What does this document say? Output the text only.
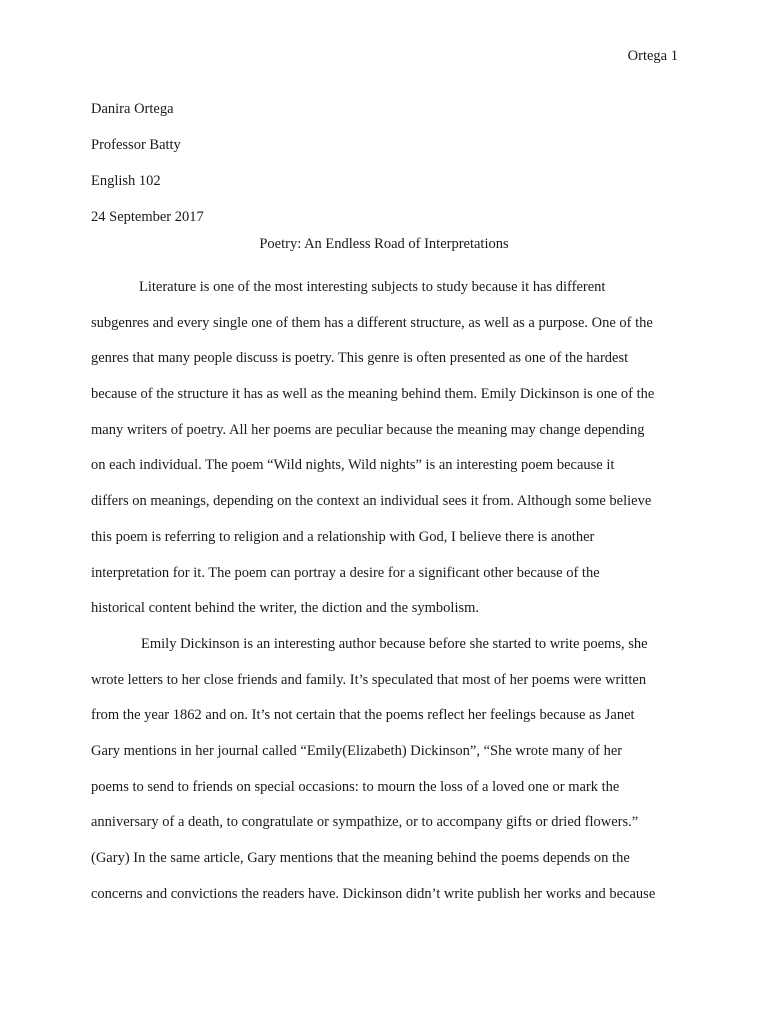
Ortega 1
Danira Ortega
Professor Batty
English 102
24 September 2017
Poetry: An Endless Road of Interpretations
Literature is one of the most interesting subjects to study because it has different
subgenres and every single one of them has a different structure, as well as a purpose. One of the
genres that many people discuss is poetry. This genre is often presented as one of the hardest
because of the structure it has as well as the meaning behind them. Emily Dickinson is one of the
many writers of poetry. All her poems are peculiar because the meaning may change depending
on each individual. The poem “Wild nights, Wild nights” is an interesting poem because it
differs on meanings, depending on the context an individual sees it from. Although some believe
this poem is referring to religion and a relationship with God, I believe there is another
interpretation for it. The poem can portray a desire for a significant other because of the
historical content behind the writer, the diction and the symbolism.
Emily Dickinson is an interesting author because before she started to write poems, she
wrote letters to her close friends and family. It’s speculated that most of her poems were written
from the year 1862 and on. It’s not certain that the poems reflect her feelings because as Janet
Gary mentions in her journal called “Emily(Elizabeth) Dickinson”, “She wrote many of her
poems to send to friends on special occasions: to mourn the loss of a loved one or mark the
anniversary of a death, to congratulate or sympathize, or to accompany gifts or dried flowers.”
(Gary) In the same article, Gary mentions that the meaning behind the poems depends on the
concerns and convictions the readers have. Dickinson didn’t write publish her works and because
